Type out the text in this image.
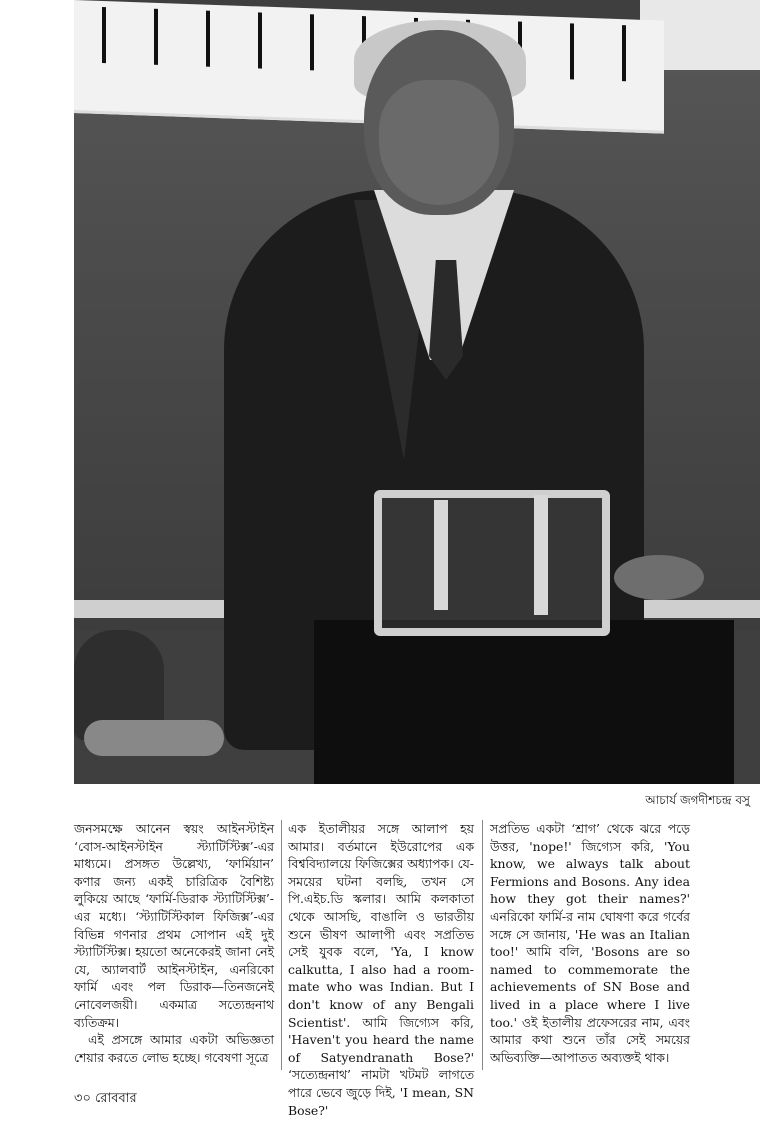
আচার্য জগদীশচন্দ্র বসু

জনসমক্ষে আনেন স্বয়ং আইনস্টাইন ‘বোস-আইনস্টাইন স্ট্যাটিস্টিক্স’-এর মাধ্যমে। প্রসঙ্গত উল্লেখ্য, ‘ফার্মিয়ান’ কণার জন্য একই চারিত্রিক বৈশিষ্ট্য লুকিয়ে আছে ‘ফার্মি-ডিরাক স্ট্যাটিস্টিক্স’-এর মধ্যে। ‘স্ট্যাটিস্টিকাল ফিজিক্স’-এর বিভিন্ন গণনার প্রথম সোপান এই দুই স্ট্যাটিস্টিক্স। হয়তো অনেকেরই জানা নেই যে, অ্যালবার্ট আইনস্টাইন, এনরিকো ফার্মি এবং পল ডিরাক—তিনজনেই নোবেলজয়ী। একমাত্র সত্যেন্দ্রনাথ ব্যতিক্রম।

এই প্রসঙ্গে আমার একটা অভিজ্ঞতা শেয়ার করতে লোভ হচ্ছে। গবেষণা সূত্রে

এক ইতালীয়র সঙ্গে আলাপ হয় আমার। বর্তমানে ইউরোপের এক বিশ্ববিদ্যালয়ে ফিজিক্সের অধ্যাপক। যে-সময়ের ঘটনা বলছি, তখন সে পি.এইচ.ডি স্কলার। আমি কলকাতা থেকে আসছি, বাঙালি ও ভারতীয় শুনে ভীষণ আলাপী এবং সপ্রতিভ সেই যুবক বলে, 'Ya, I know calkutta, I also had a room-mate who was Indian. But I don't know of any Bengali Scientist'. আমি জিগ্যেস করি, 'Haven't you heard the name of Satyendranath Bose?' ‘সত্যেন্দ্রনাথ’ নামটা খটমট লাগতে পারে ভেবে জুড়ে দিই, 'I mean, SN Bose?'

সপ্রতিভ একটা ‘শ্রাগ’ থেকে ঝরে পড়ে উত্তর, 'nope!' জিগ্যেস করি, 'You know, we always talk about Fermions and Bosons. Any idea how they got their names?' এনরিকো ফার্মি-র নাম ঘোষণা করে গর্বের সঙ্গে সে জানায়, 'He was an Italian too!' আমি বলি, 'Bosons are so named to commemorate the achievements of SN Bose and lived in a place where I live too.' ওই ইতালীয় প্রফেসরের নাম, এবং আমার কথা শুনে তাঁর সেই সময়ের অভিব্যক্তি—আপাতত অব্যক্তই থাক।

৩০ রোববার
